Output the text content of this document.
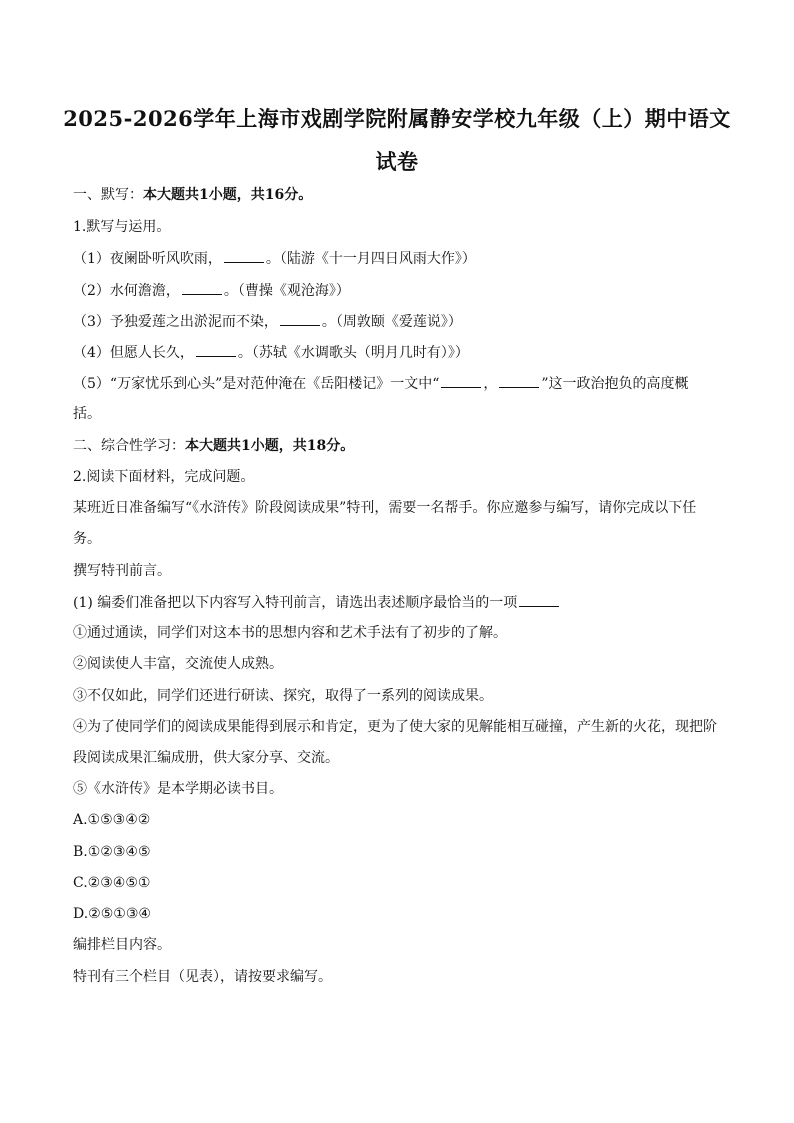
2025-2026学年上海市戏剧学院附属静安学校九年级（上）期中语文
试卷

一、默写：本大题共1小题，共16分。

1.默写与运用。

（1）夜阑卧听风吹雨，	。（陆游《十一月四日风雨大作》）

（2）水何澹澹，	。（曹操《观沧海》）

（3）予独爱莲之出淤泥而不染，	。（周敦颐《爱莲说》）

（4）但愿人长久，	。（苏轼《水调歌头（明月几时有）》）

（5）“万家忧乐到心头”是对范仲淹在《岳阳楼记》一文中“	，	”这一政治抱负的高度概

括。

二、综合性学习：本大题共1小题，共18分。

2.阅读下面材料，完成问题。

某班近日准备编写“《水浒传》阶段阅读成果”特刊，需要一名帮手。你应邀参与编写，请你完成以下任

务。

撰写特刊前言。

(1) 编委们准备把以下内容写入特刊前言，请选出表述顺序最恰当的一项

①通过通读，同学们对这本书的思想内容和艺术手法有了初步的了解。

②阅读使人丰富，交流使人成熟。

③不仅如此，同学们还进行研读、探究，取得了一系列的阅读成果。

④为了使同学们的阅读成果能得到展示和肯定，更为了使大家的见解能相互碰撞，产生新的火花，现把阶

段阅读成果汇编成册，供大家分享、交流。

⑤《水浒传》是本学期必读书目。

A.①⑤③④②

B.①②③④⑤

C.②③④⑤①

D.②⑤①③④

编排栏目内容。

特刊有三个栏目（见表），请按要求编写。
